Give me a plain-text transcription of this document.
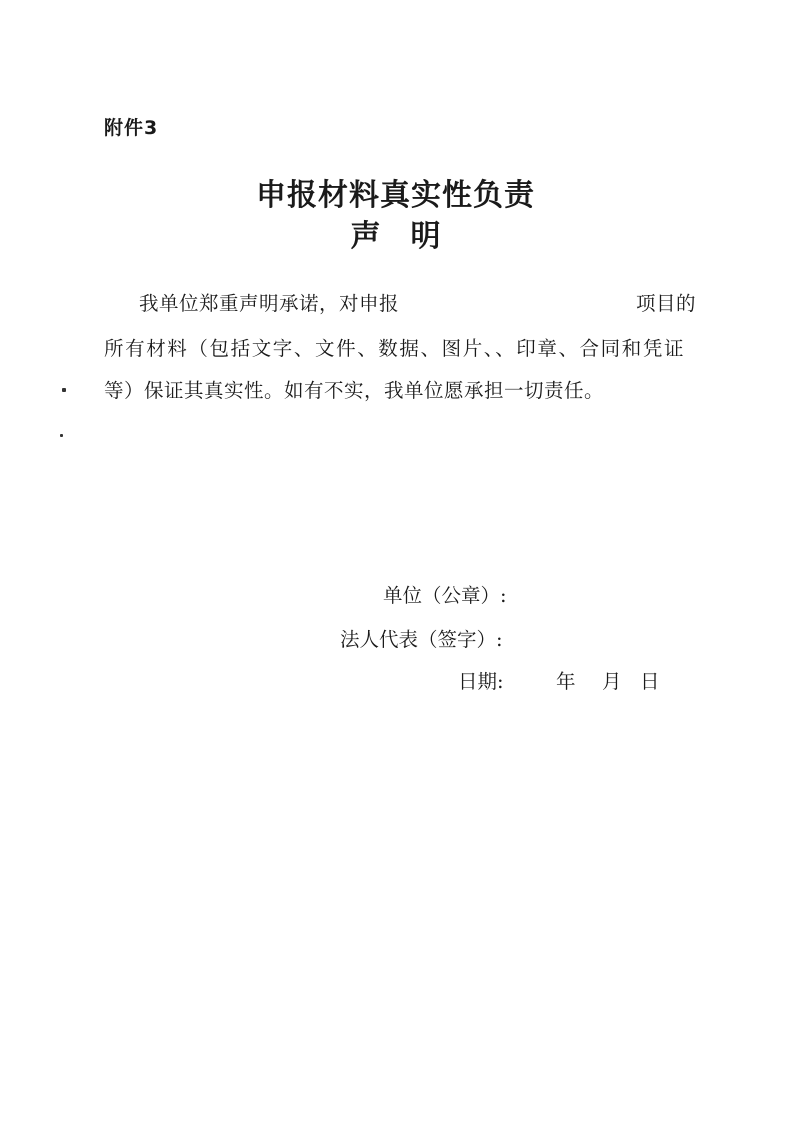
附件3
申报材料真实性负责
声明
我单位郑重声明承诺，对申报	项目的
所有材料（包括文字、文件、数据、图片、、印章、合同和凭证
等）保证其真实性。如有不实，我单位愿承担一切责任。
单位（公章）:
法人代表（签字）:
日期:	年 月 日
